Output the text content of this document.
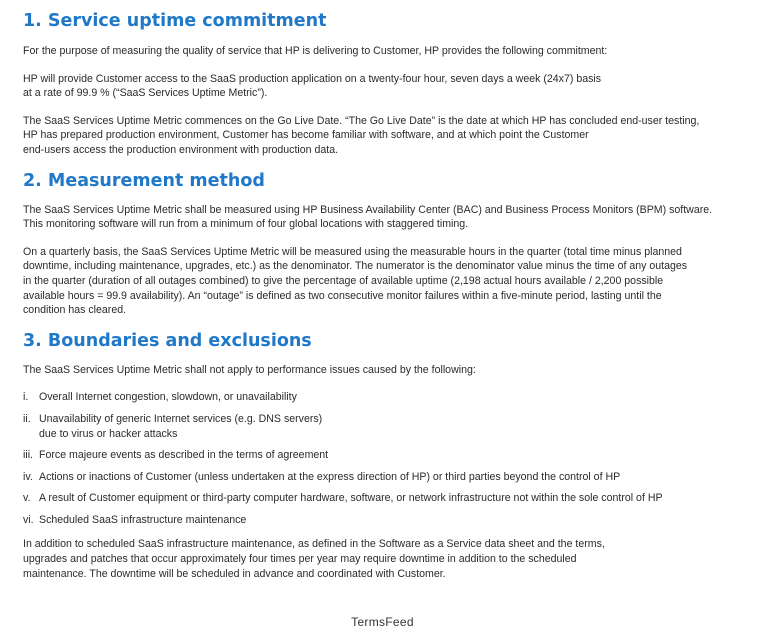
1. Service uptime commitment

For the purpose of measuring the quality of service that HP is delivering to Customer, HP provides the following commitment:

HP will provide Customer access to the SaaS production application on a twenty-four hour, seven days a week (24x7) basis
at a rate of 99.9 % (“SaaS Services Uptime Metric”).

The SaaS Services Uptime Metric commences on the Go Live Date. “The Go Live Date” is the date at which HP has concluded end-user testing,
HP has prepared production environment, Customer has become familiar with software, and at which point the Customer
end-users access the production environment with production data.

2. Measurement method

The SaaS Services Uptime Metric shall be measured using HP Business Availability Center (BAC) and Business Process Monitors (BPM) software.
This monitoring software will run from a minimum of four global locations with staggered timing.

On a quarterly basis, the SaaS Services Uptime Metric will be measured using the measurable hours in the quarter (total time minus planned
downtime, including maintenance, upgrades, etc.) as the denominator. The numerator is the denominator value minus the time of any outages
in the quarter (duration of all outages combined) to give the percentage of available uptime (2,198 actual hours available / 2,200 possible
available hours = 99.9 availability). An “outage” is defined as two consecutive monitor failures within a five-minute period, lasting until the
condition has cleared.

3. Boundaries and exclusions

The SaaS Services Uptime Metric shall not apply to performance issues caused by the following:

i.	Overall Internet congestion, slowdown, or unavailability
ii. Unavailability of generic Internet services (e.g. DNS servers)
due to virus or hacker attacks
iii. Force majeure events as described in the terms of agreement
iv. Actions or inactions of Customer (unless undertaken at the express direction of HP) or third parties beyond the control of HP
v. A result of Customer equipment or third-party computer hardware, software, or network infrastructure not within the sole control of HP
vi. Scheduled SaaS infrastructure maintenance

In addition to scheduled SaaS infrastructure maintenance, as defined in the Software as a Service data sheet and the terms,
upgrades and patches that occur approximately four times per year may require downtime in addition to the scheduled
maintenance. The downtime will be scheduled in advance and coordinated with Customer.

TermsFeed
